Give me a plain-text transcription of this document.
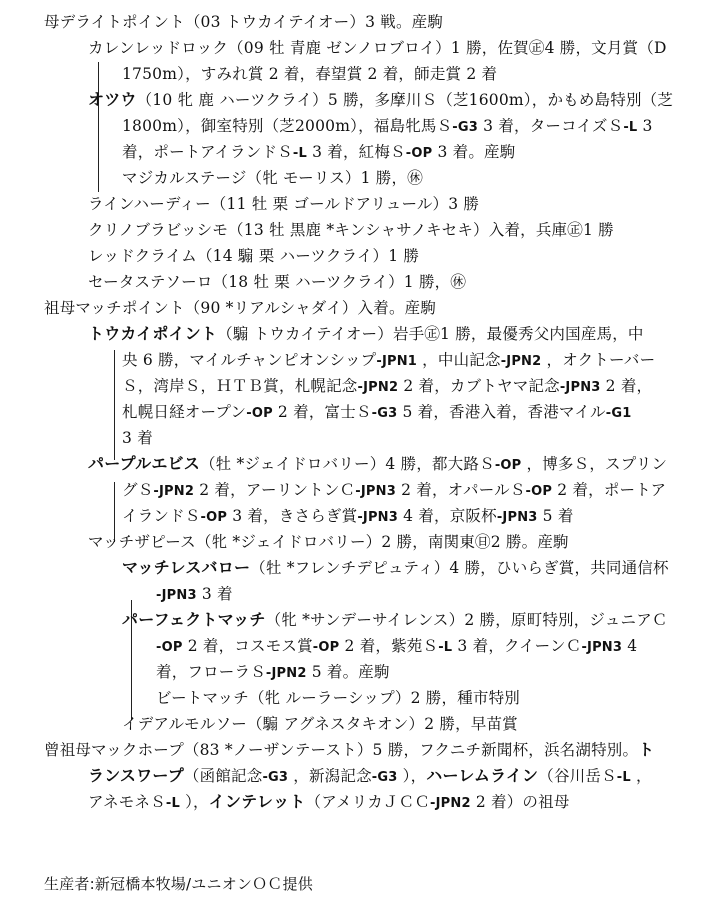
母デライトポイント（03 トウカイテイオー）3 戦。産駒
カレンレッドロック（09 牡 青鹿 ゼンノロブロイ）1 勝，佐賀㊣4 勝，文月賞（D
1750m），すみれ賞 2 着，春望賞 2 着，師走賞 2 着
オツウ（10 牝 鹿 ハーツクライ）5 勝，多摩川Ｓ（芝1600m），かもめ島特別（芝
1800m），御室特別（芝2000m），福島牝馬Ｓ-G3 3 着，ターコイズＳ-L 3
着，ポートアイランドＳ-L 3 着，紅梅Ｓ-OP 3 着。産駒
マジカルステージ（牝 モーリス）1 勝，㊡
ラインハーディー（11 牡 栗 ゴールドアリュール）3 勝
クリノブラビッシモ（13 牡 黒鹿 *キンシャサノキセキ）入着，兵庫㊣1 勝
レッドクライム（14 騸 栗 ハーツクライ）1 勝
セータステソーロ（18 牡 栗 ハーツクライ）1 勝，㊡
祖母マッチポイント（90 *リアルシャダイ）入着。産駒
トウカイポイント（騸 トウカイテイオー）岩手㊣1 勝，最優秀父内国産馬，中
央 6 勝，マイルチャンピオンシップ-JPN1 ，中山記念-JPN2 ，オクトーバー
Ｓ，湾岸Ｓ，ＨＴＢ賞，札幌記念-JPN2 2 着，カブトヤマ記念-JPN3 2 着，
札幌日経オープン-OP 2 着，富士Ｓ-G3 5 着，香港入着，香港マイル-G1
3 着
パープルエビス（牡 *ジェイドロバリー）4 勝，都大路Ｓ-OP ，博多Ｓ，スプリン
グＳ-JPN2 2 着，アーリントンＣ-JPN3 2 着，オパールＳ-OP 2 着，ポートア
イランドＳ-OP 3 着，きさらぎ賞-JPN3 4 着，京阪杯-JPN3 5 着
マッチザピース（牝 *ジェイドロバリー）2 勝，南関東㊐2 勝。産駒
マッチレスバロー（牡 *フレンチデピュティ）4 勝，ひいらぎ賞，共同通信杯
-JPN3 3 着
パーフェクトマッチ（牝 *サンデーサイレンス）2 勝，原町特別，ジュニアＣ
-OP 2 着，コスモス賞-OP 2 着，紫苑Ｓ-L 3 着，クイーンＣ-JPN3 4
着，フローラＳ-JPN2 5 着。産駒
ビートマッチ（牝 ルーラーシップ）2 勝，種市特別
イデアルモルソー（騸 アグネスタキオン）2 勝，早苗賞
曾祖母マックホープ（83 *ノーザンテースト）5 勝，フクニチ新聞杯，浜名湖特別。ト
ランスワープ（函館記念-G3 ，新潟記念-G3 ），ハーレムライン（谷川岳Ｓ-L ，
アネモネＳ-L ），インテレット（アメリカＪＣＣ-JPN2 2 着）の祖母
生産者:新冠橋本牧場/ユニオンＯＣ提供
